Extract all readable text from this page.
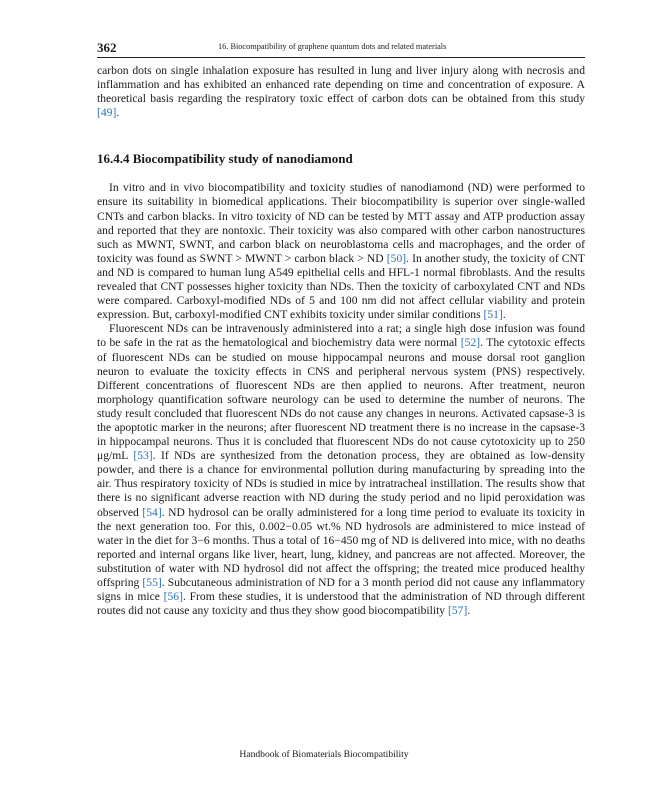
362	16. Biocompatibility of graphene quantum dots and related materials

carbon dots on single inhalation exposure has resulted in lung and liver injury along with necrosis and inflammation and has exhibited an enhanced rate depending on time and concentration of exposure. A theoretical basis regarding the respiratory toxic effect of carbon dots can be obtained from this study [49].

16.4.4 Biocompatibility study of nanodiamond

In vitro and in vivo biocompatibility and toxicity studies of nanodiamond (ND) were performed to ensure its suitability in biomedical applications. Their biocompatibility is superior over single-walled CNTs and carbon blacks. In vitro toxicity of ND can be tested by MTT assay and ATP production assay and reported that they are nontoxic. Their toxicity was also compared with other carbon nanostructures such as MWNT, SWNT, and carbon black on neuroblastoma cells and macrophages, and the order of toxicity was found as SWNT > MWNT > carbon black > ND [50]. In another study, the toxicity of CNT and ND is compared to human lung A549 epithelial cells and HFL-1 normal fibroblasts. And the results revealed that CNT possesses higher toxicity than NDs. Then the toxicity of carboxylated CNT and NDs were compared. Carboxyl-modified NDs of 5 and 100 nm did not affect cellular viability and protein expression. But, carboxyl-modified CNT exhibits toxicity under similar conditions [51].

Fluorescent NDs can be intravenously administered into a rat; a single high dose infusion was found to be safe in the rat as the hematological and biochemistry data were normal [52]. The cytotoxic effects of fluorescent NDs can be studied on mouse hippocampal neurons and mouse dorsal root ganglion neuron to evaluate the toxicity effects in CNS and peripheral nervous system (PNS) respectively. Different concentrations of fluorescent NDs are then applied to neurons. After treatment, neuron morphology quantification software neurology can be used to determine the number of neurons. The study result concluded that fluorescent NDs do not cause any changes in neurons. Activated capsase-3 is the apoptotic marker in the neurons; after fluorescent ND treatment there is no increase in the capsase-3 in hippocampal neurons. Thus it is concluded that fluorescent NDs do not cause cytotoxicity up to 250 μg/mL [53]. If NDs are synthesized from the detonation process, they are obtained as low-density powder, and there is a chance for environmental pollution during manufacturing by spreading into the air. Thus respiratory toxicity of NDs is studied in mice by intratracheal instillation. The results show that there is no significant adverse reaction with ND during the study period and no lipid peroxidation was observed [54]. ND hydrosol can be orally administered for a long time period to evaluate its toxicity in the next generation too. For this, 0.002−0.05 wt.% ND hydrosols are administered to mice instead of water in the diet for 3−6 months. Thus a total of 16−450 mg of ND is delivered into mice, with no deaths reported and internal organs like liver, heart, lung, kidney, and pancreas are not affected. Moreover, the substitution of water with ND hydrosol did not affect the offspring; the treated mice produced healthy offspring [55]. Subcutaneous administration of ND for a 3 month period did not cause any inflammatory signs in mice [56]. From these studies, it is understood that the administration of ND through different routes did not cause any toxicity and thus they show good biocompatibility [57].

Handbook of Biomaterials Biocompatibility
